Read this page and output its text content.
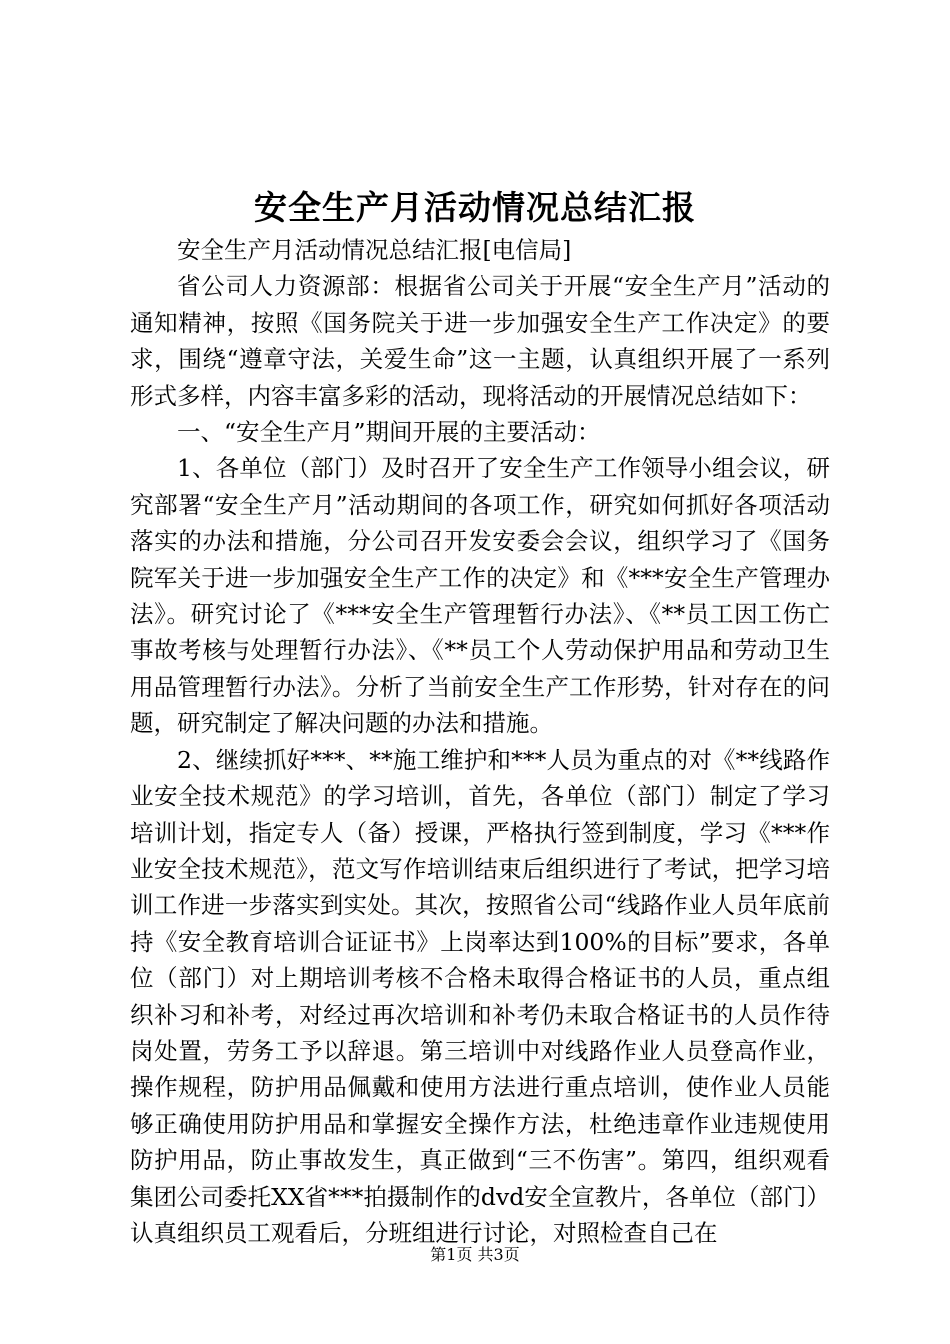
安全生产月活动情况总结汇报

安全生产月活动情况总结汇报[电信局]

省公司人力资源部：根据省公司关于开展“安全生产月”活动的通知精神，按照《国务院关于进一步加强安全生产工作决定》的要求，围绕“遵章守法，关爱生命”这一主题，认真组织开展了一系列形式多样，内容丰富多彩的活动，现将活动的开展情况总结如下：

一、“安全生产月”期间开展的主要活动：

1、各单位（部门）及时召开了安全生产工作领导小组会议，研究部署“安全生产月”活动期间的各项工作，研究如何抓好各项活动落实的办法和措施，分公司召开发安委会会议，组织学习了《国务院军关于进一步加强安全生产工作的决定》和《***安全生产管理办法》。研究讨论了《***安全生产管理暂行办法》、《**员工因工伤亡事故考核与处理暂行办法》、《**员工个人劳动保护用品和劳动卫生用品管理暂行办法》。分析了当前安全生产工作形势，针对存在的问题，研究制定了解决问题的办法和措施。

2、继续抓好***、**施工维护和***人员为重点的对《**线路作业安全技术规范》的学习培训，首先，各单位（部门）制定了学习培训计划，指定专人（备）授课，严格执行签到制度，学习《***作业安全技术规范》，范文写作培训结束后组织进行了考试，把学习培训工作进一步落实到实处。其次，按照省公司“线路作业人员年底前持《安全教育培训合证证书》上岗率达到100%的目标”要求，各单位（部门）对上期培训考核不合格未取得合格证书的人员，重点组织补习和补考，对经过再次培训和补考仍未取合格证书的人员作待岗处置，劳务工予以辞退。第三培训中对线路作业人员登高作业，操作规程，防护用品佩戴和使用方法进行重点培训，使作业人员能够正确使用防护用品和掌握安全操作方法，杜绝违章作业违规使用防护用品，防止事故发生，真正做到“三不伤害”。第四，组织观看集团公司委托XX省***拍摄制作的dvd安全宣教片，各单位（部门）认真组织员工观看后，分班组进行讨论，对照检查自己在

第1页 共3页
